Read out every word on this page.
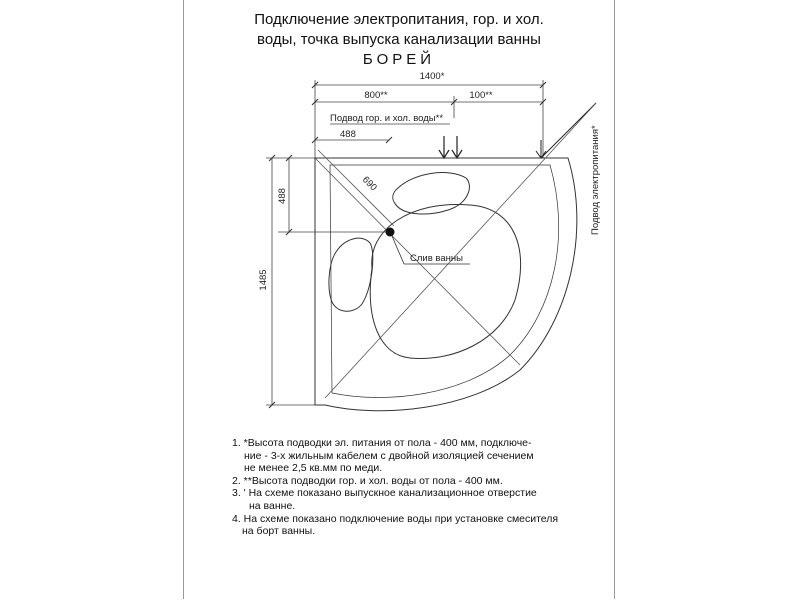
Подключение электропитания, гор. и хол.
воды, точка выпуска канализации ванны
БОРЕЙ
1400*
800**	100**
Подвод гор. и хол. воды**
488	Подвод электропитания*
1485
488
690
Слив ванны
1. *Высота подводки эл. питания от пола - 400 мм, подключе-
ние - 3-х жильным кабелем с двойной изоляцией сечением
не менее 2,5 кв.мм по меди.
2. **Высота подводки гор. и хол. воды от пола - 400 мм.
3. ' На схеме показано выпускное канализационное отверстие
на ванне.
4. На схеме показано подключение воды при установке смесителя
на борт ванны.
